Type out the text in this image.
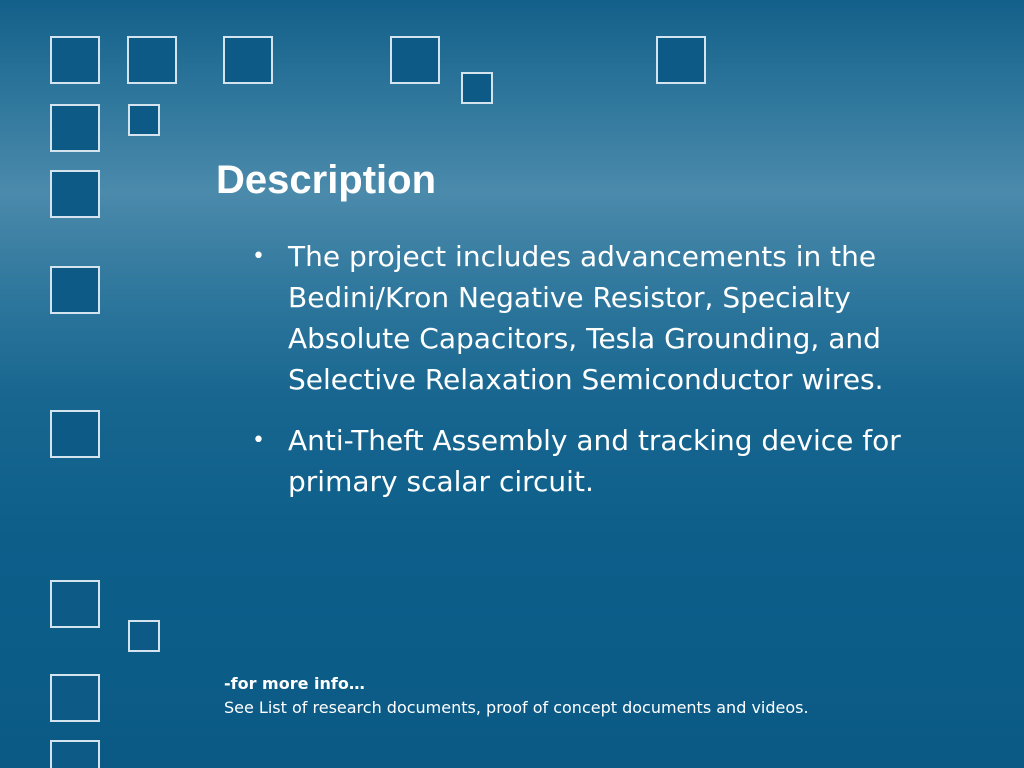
Description
• The project includes advancements in the Bedini/Kron Negative Resistor, Specialty Absolute Capacitors, Tesla Grounding, and Selective Relaxation Semiconductor wires.
• Anti-Theft Assembly and tracking device for primary scalar circuit.
-for more info…
See List of research documents, proof of concept documents and videos.
